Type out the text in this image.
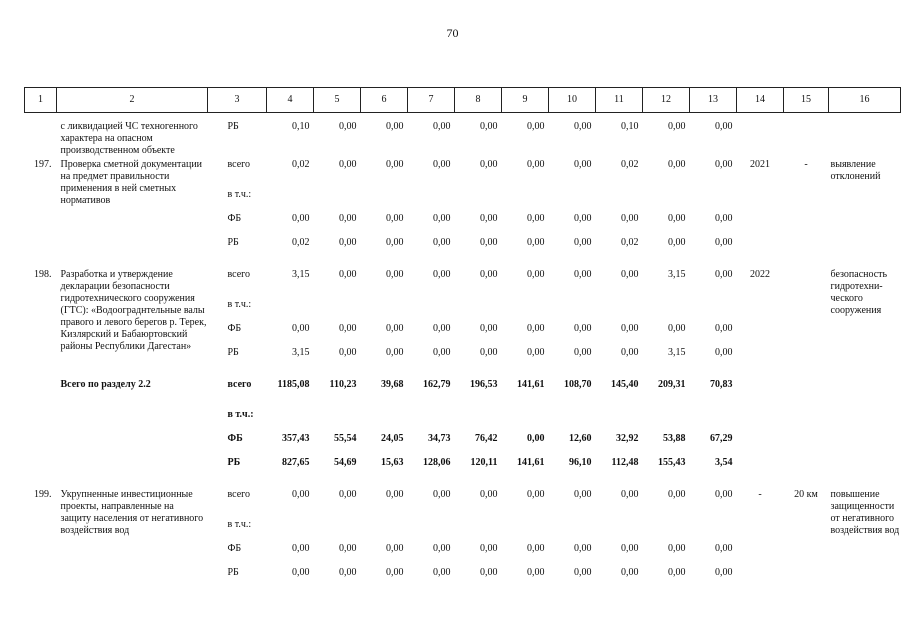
70
1	2	3	4	5	6	7	8	9	10	11	12	13	14	15	16

	с ликвидацией ЧС техногенного характера на опасном производственном объекте	РБ	0,10	0,00	0,00	0,00	0,00	0,00	0,00	0,10	0,00	0,00			

197.	Проверка сметной документации на предмет правильности применения в ней сметных нормативов	всего	0,02	0,00	0,00	0,00	0,00	0,00	0,00	0,02	0,00	0,00	2021	-	выявление отклонений

		в т.ч.:													
		ФБ	0,00	0,00	0,00	0,00	0,00	0,00	0,00	0,00	0,00	0,00			
		РБ	0,02	0,00	0,00	0,00	0,00	0,00	0,00	0,02	0,00	0,00			
198.	Разработка и утверждение декларации безопасности гидротехнического сооружения (ГТС): «Водоограднтельные валы правого и левого берегов р. Терек, Кизлярский и Бабаюртовский районы Республики Дагестан»	всего	3,15	0,00	0,00	0,00	0,00	0,00	0,00	0,00	3,15	0,00	2022		безопасность гидротехни-ческого сооружения

		в т.ч.:													
		ФБ	0,00	0,00	0,00	0,00	0,00	0,00	0,00	0,00	0,00	0,00			
		РБ	3,15	0,00	0,00	0,00	0,00	0,00	0,00	0,00	3,15	0,00			

	Всего по разделу 2.2	всего	1185,08	110,23	39,68	162,79	196,53	141,61	108,70	145,40	209,31	70,83			

		в т.ч.:													
		ФБ	357,43	55,54	24,05	34,73	76,42	0,00	12,60	32,92	53,88	67,29			
		РБ	827,65	54,69	15,63	128,06	120,11	141,61	96,10	112,48	155,43	3,54			
199.	Укрупненные инвестиционные проекты, направленные на защиту населения от негативного воздействия вод	всего	0,00	0,00	0,00	0,00	0,00	0,00	0,00	0,00	0,00	0,00	-	20 км	повышение защищенности от негативного воздействия вод

		в т.ч.:													
		ФБ	0,00	0,00	0,00	0,00	0,00	0,00	0,00	0,00	0,00	0,00			
		РБ	0,00	0,00	0,00	0,00	0,00	0,00	0,00	0,00	0,00	0,00			
